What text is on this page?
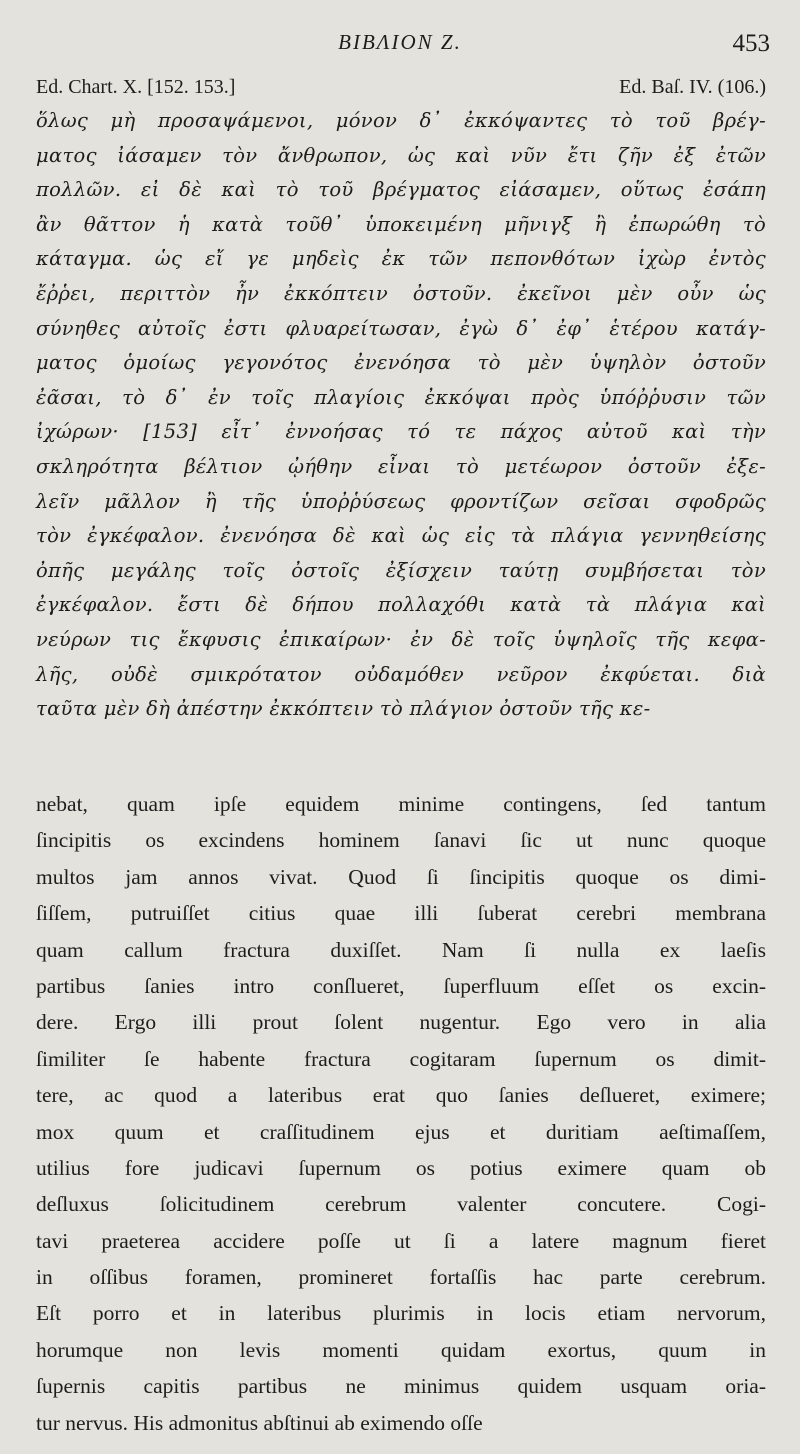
BIBΛΙΟΝ Ζ.	453
Ed. Chart. X. [152. 153.]	Ed. Baſ. IV. (106.)
ὅλως μὴ προσαψάμενοι, μόνον δ᾽ ἐκκόψαντες τὸ τοῦ βρέγ-
ματος ἰάσαμεν τὸν ἄνθρωπον, ὡς καὶ νῦν ἔτι ζῆν ἐξ ἐτῶν
πολλῶν. εἰ δὲ καὶ τὸ τοῦ βρέγματος εἰάσαμεν, οὕτως ἐσάπη
ἂν θᾶττον ἡ κατὰ τοῦθ᾽ ὑποκειμένη μῆνιγξ ἢ ἐπωρώθη τὸ
κάταγμα. ὡς εἴ γε μηδεὶς ἐκ τῶν πεπονθότων ἰχὼρ ἐντὸς
ἔῤῥει, περιττὸν ἦν ἐκκόπτειν ὀστοῦν. ἐκεῖνοι μὲν οὖν ὡς
σύνηθες αὐτοῖς ἐστι φλυαρείτωσαν, ἐγὼ δ᾽ ἐφ᾽ ἑτέρου κατάγ-
ματος ὁμοίως γεγονότος ἐνενόησα τὸ μὲν ὑψηλὸν ὀστοῦν
ἐᾶσαι, τὸ δ᾽ ἐν τοῖς πλαγίοις ἐκκόψαι πρὸς ὑπόῤῥυσιν τῶν
ἰχώρων· [153] εἶτ᾽ ἐννοήσας τό τε πάχος αὐτοῦ καὶ τὴν
σκληρότητα βέλτιον ᾠήθην εἶναι τὸ μετέωρον ὀστοῦν ἐξε-
λεῖν μᾶλλον ἢ τῆς ὑποῤῥύσεως φροντίζων σεῖσαι σφοδρῶς
τὸν ἐγκέφαλον. ἐνενόησα δὲ καὶ ὡς εἰς τὰ πλάγια γεννηθείσης
ὀπῆς μεγάλης τοῖς ὀστοῖς ἐξίσχειν ταύτῃ συμβήσεται τὸν
ἐγκέφαλον. ἔστι δὲ δήπου πολλαχόθι κατὰ τὰ πλάγια καὶ
νεύρων τις ἔκφυσις ἐπικαίρων· ἐν δὲ τοῖς ὑψηλοῖς τῆς κεφα-
λῆς, οὐδὲ σμικρότατον οὐδαμόθεν νεῦρον ἐκφύεται. διὰ
ταῦτα μὲν δὴ ἀπέστην ἐκκόπτειν τὸ πλάγιον ὀστοῦν τῆς κε-
nebat, quam ipſe equidem minime contingens, ſed tantum
ſincipitis os excindens hominem ſanavi ſic ut nunc quoque
multos jam annos vivat. Quod ſi ſincipitis quoque os dimi-
ſiſſem, putruiſſet citius quae illi ſuberat cerebri membrana
quam callum fractura duxiſſet. Nam ſi nulla ex laeſis
partibus ſanies intro conſlueret, ſuperfluum eſſet os excin-
dere. Ergo illi prout ſolent nugentur. Ego vero in alia
ſimiliter ſe habente fractura cogitaram ſupernum os dimit-
tere, ac quod a lateribus erat quo ſanies deſlueret, eximere;
mox quum et craſſitudinem ejus et duritiam aeſtimaſſem,
utilius fore judicavi ſupernum os potius eximere quam ob
deſluxus ſolicitudinem cerebrum valenter concutere. Cogi-
tavi praeterea accidere poſſe ut ſi a latere magnum fieret
in oſſibus foramen, promineret fortaſſis hac parte cerebrum.
Eſt porro et in lateribus plurimis in locis etiam nervorum,
horumque non levis momenti quidam exortus, quum in
ſupernis capitis partibus ne minimus quidem usquam oria-
tur nervus. His admonitus abſtinui ab eximendo oſſe
